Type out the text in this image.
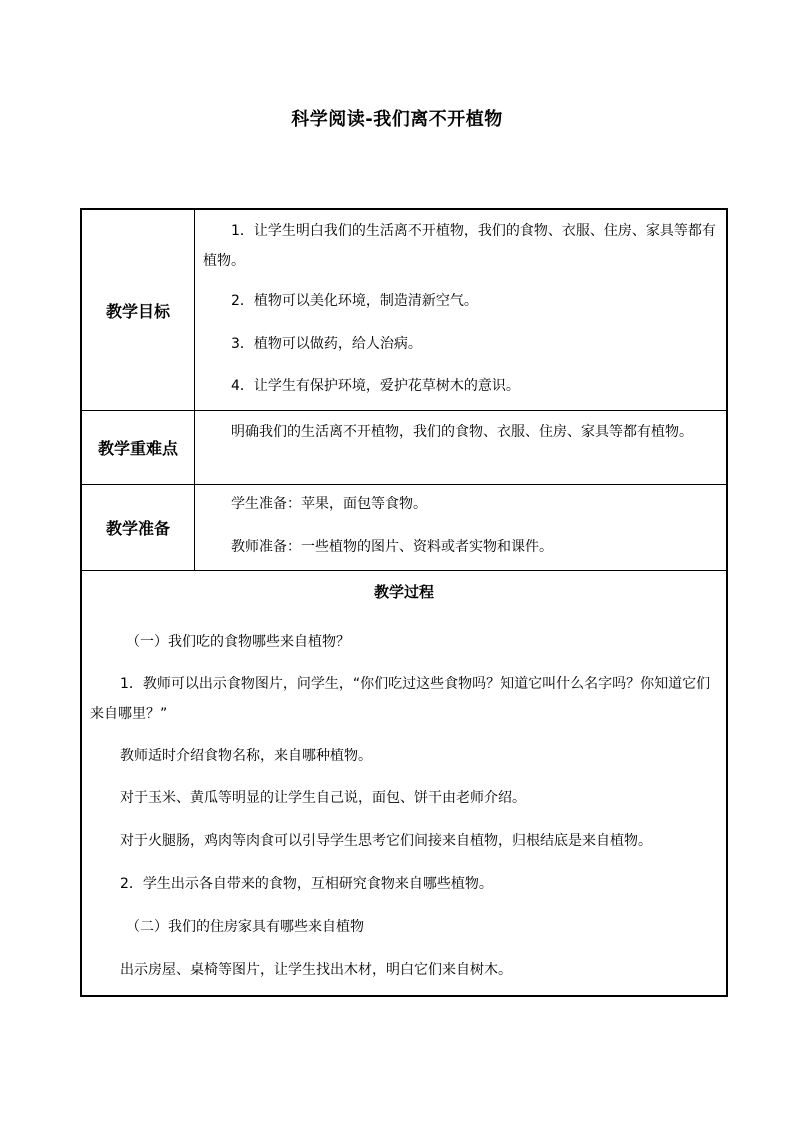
科学阅读-我们离不开植物
教学目标
1．让学生明白我们的生活离不开植物，我们的食物、衣服、住房、家具等都有植物。
2．植物可以美化环境，制造清新空气。
3．植物可以做药，给人治病。
4．让学生有保护环境，爱护花草树木的意识。
教学重难点
明确我们的生活离不开植物，我们的食物、衣服、住房、家具等都有植物。
教学准备
学生准备：苹果，面包等食物。
教师准备：一些植物的图片、资料或者实物和课件。
教学过程
（一）我们吃的食物哪些来自植物？
1．教师可以出示食物图片，问学生，“你们吃过这些食物吗？知道它叫什么名字吗？你知道它们来自哪里？”
教师适时介绍食物名称，来自哪种植物。
对于玉米、黄瓜等明显的让学生自己说，面包、饼干由老师介绍。
对于火腿肠，鸡肉等肉食可以引导学生思考它们间接来自植物，归根结底是来自植物。
2．学生出示各自带来的食物，互相研究食物来自哪些植物。
（二）我们的住房家具有哪些来自植物
出示房屋、桌椅等图片，让学生找出木材，明白它们来自树木。
